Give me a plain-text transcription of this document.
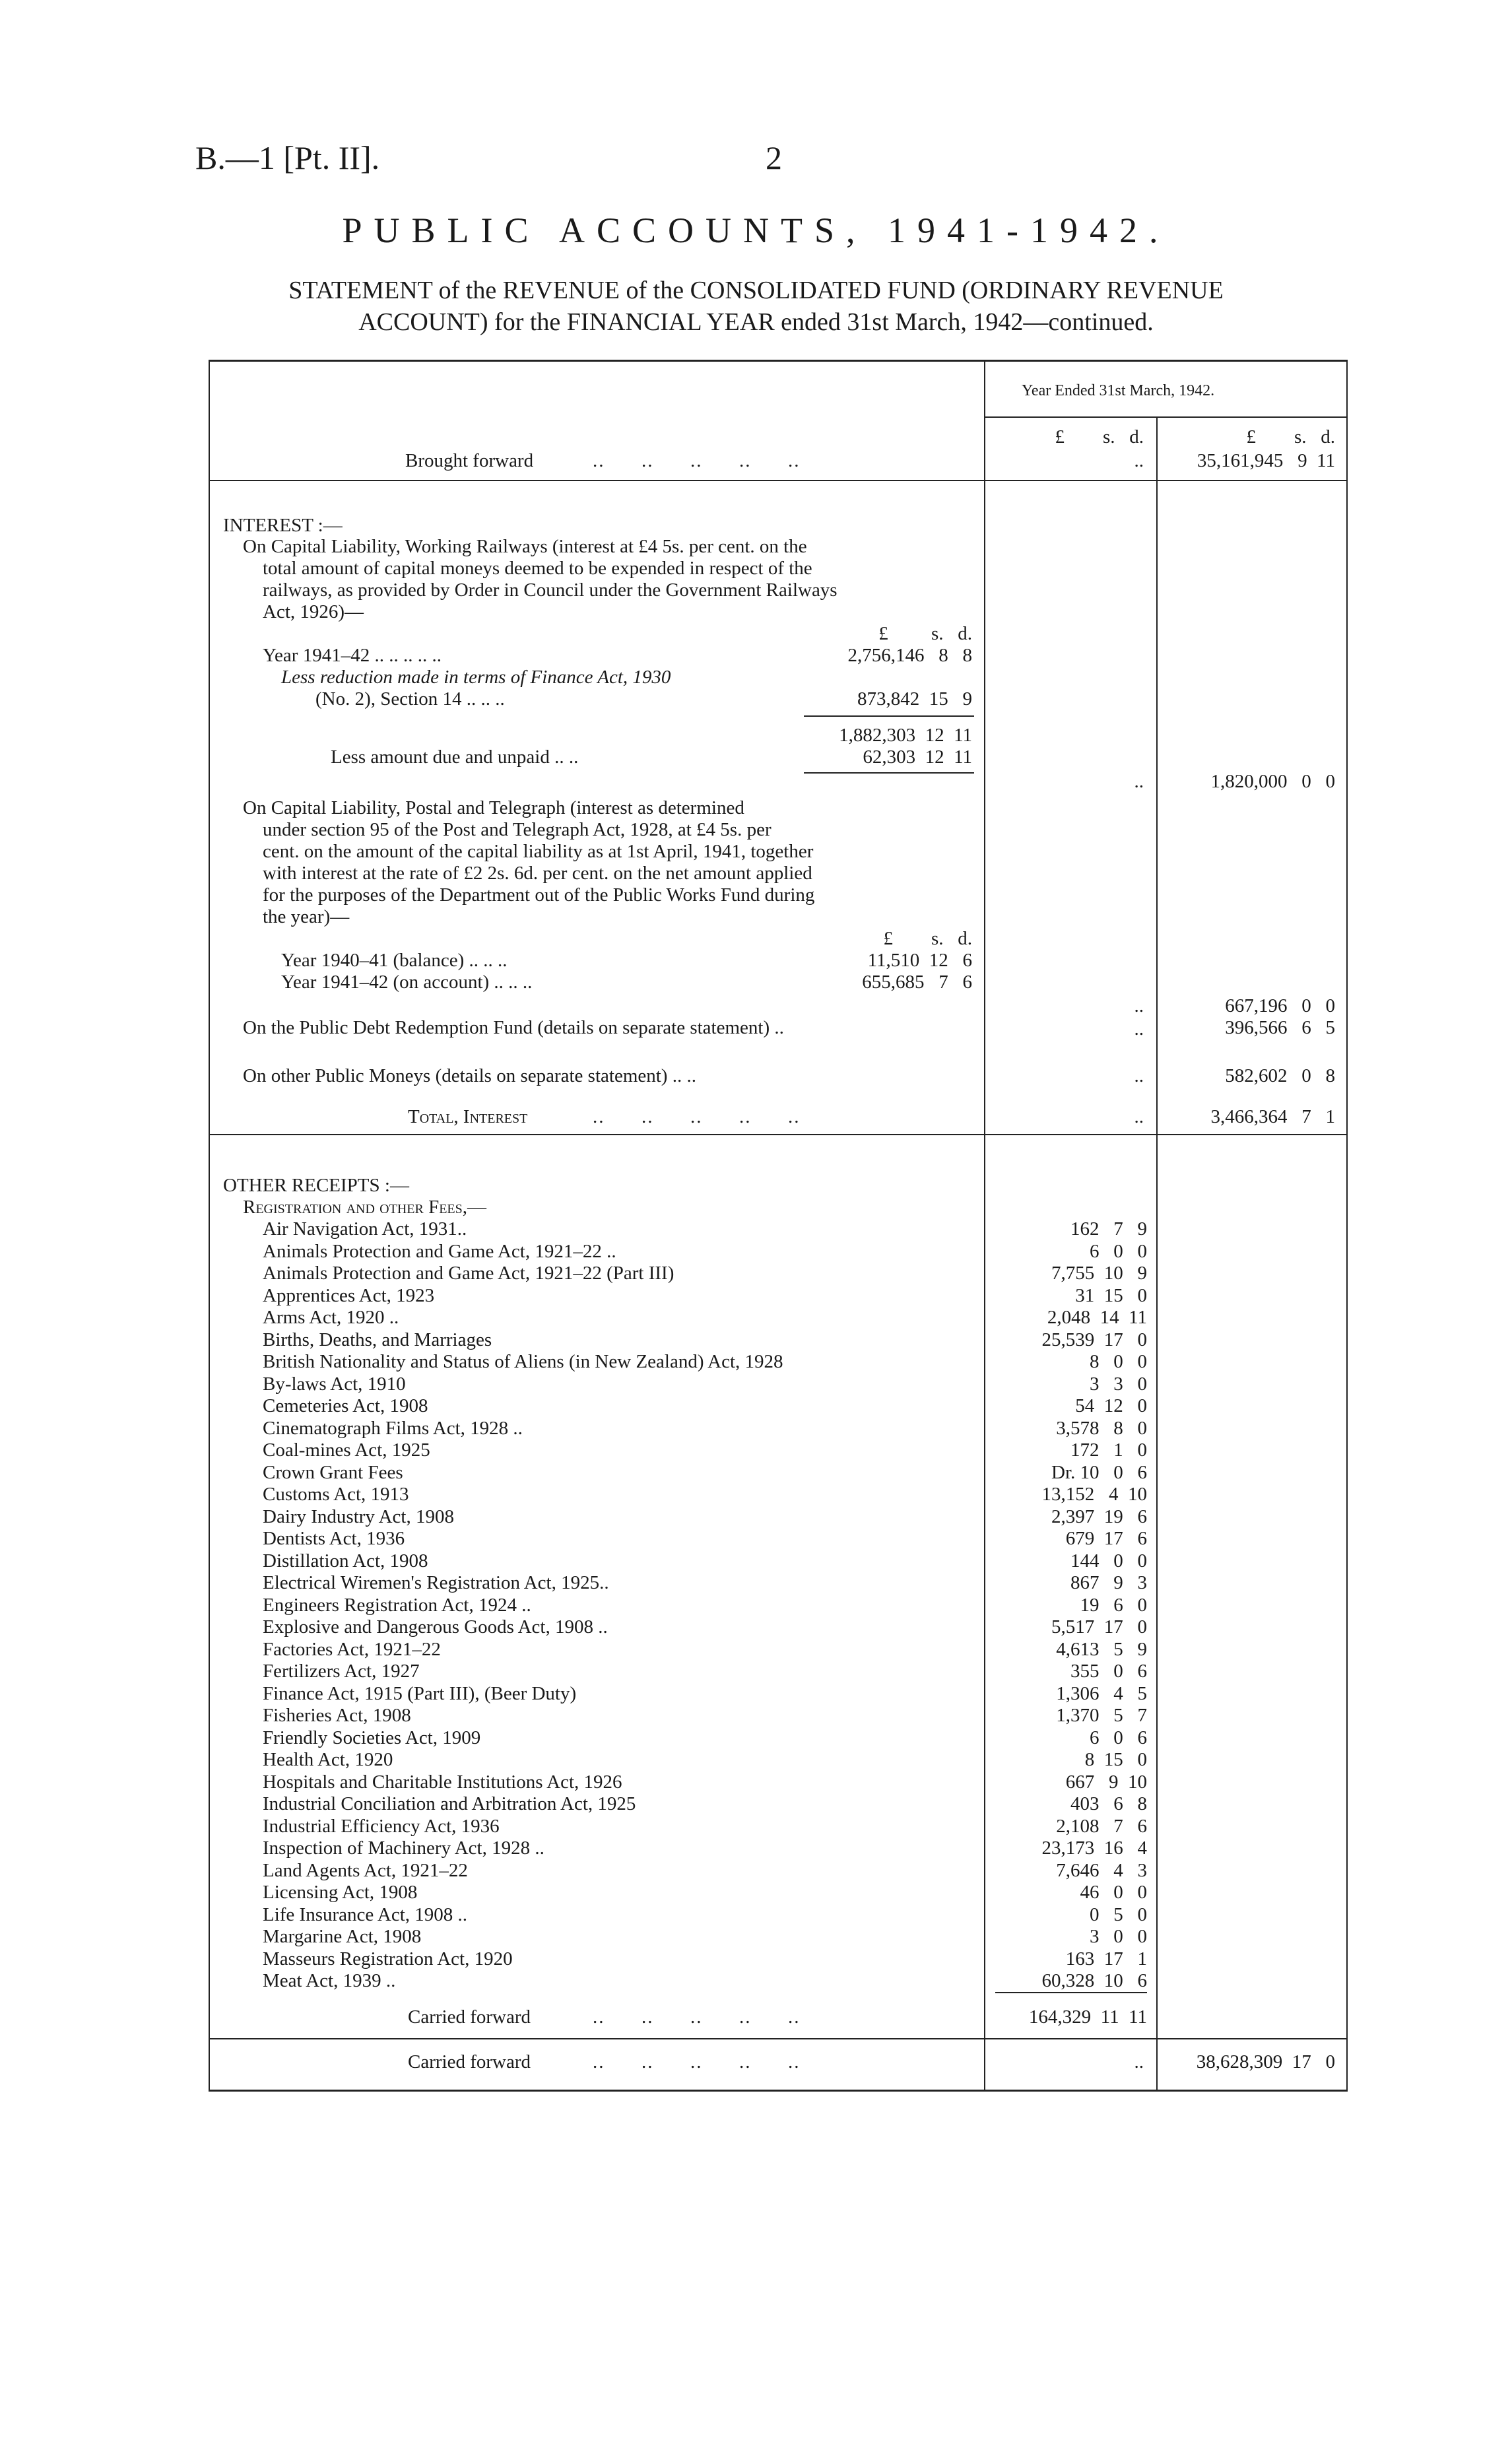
B.—1 [Pt. II].	2
PUBLIC ACCOUNTS, 1941-1942.
STATEMENT of the REVENUE of the CONSOLIDATED FUND (ORDINARY REVENUE
ACCOUNT) for the FINANCIAL YEAR ended 31st March, 1942—continued.
Year Ended 31st March, 1942.
£        s.   d.	£        s.   d.
Brought forward	..      ..      ..      ..      ..	..	35,161,945   9  11
INTEREST :—
On Capital Liability, Working Railways (interest at £4 5s. per cent. on the
total amount of capital moneys deemed to be expended in respect of the
railways, as provided by Order in Council under the Government Railways
Act, 1926)—
£         s.   d.
Year 1941–42 .. .. .. .. ..	2,756,146   8   8
Less reduction made in terms of Finance Act, 1930
(No. 2), Section 14 .. .. ..	873,842  15   9
1,882,303  12  11
Less amount due and unpaid .. ..	62,303  12  11
..	1,820,000   0   0
On Capital Liability, Postal and Telegraph (interest as determined
under section 95 of the Post and Telegraph Act, 1928, at £4 5s. per
cent. on the amount of the capital liability as at 1st April, 1941, together
with interest at the rate of £2 2s. 6d. per cent. on the net amount applied
for the purposes of the Department out of the Public Works Fund during
the year)—
£        s.   d.
Year 1940–41 (balance) .. .. ..	11,510  12   6
Year 1941–42 (on account) .. .. ..	655,685   7   6
..	667,196   0   0
On the Public Debt Redemption Fund (details on separate statement) ..	..	396,566   6   5
On other Public Moneys (details on separate statement) .. ..	..	582,602   0   8
Total, Interest	..      ..      ..      ..      ..	..	3,466,364   7   1
OTHER RECEIPTS :—
Registration and other Fees,—
Air Navigation Act, 1931..	162   7   9
Animals Protection and Game Act, 1921–22 ..	6   0   0
Animals Protection and Game Act, 1921–22 (Part III)	7,755  10   9
Apprentices Act, 1923	31  15   0
Arms Act, 1920 ..	2,048  14  11
Births, Deaths, and Marriages	25,539  17   0
British Nationality and Status of Aliens (in New Zealand) Act, 1928	8   0   0
By-laws Act, 1910	3   3   0
Cemeteries Act, 1908	54  12   0
Cinematograph Films Act, 1928 ..	3,578   8   0
Coal-mines Act, 1925	172   1   0
Crown Grant Fees	Dr. 10   0   6
Customs Act, 1913	13,152   4  10
Dairy Industry Act, 1908	2,397  19   6
Dentists Act, 1936	679  17   6
Distillation Act, 1908	144   0   0
Electrical Wiremen's Registration Act, 1925..	867   9   3
Engineers Registration Act, 1924 ..	19   6   0
Explosive and Dangerous Goods Act, 1908 ..	5,517  17   0
Factories Act, 1921–22	4,613   5   9
Fertilizers Act, 1927	355   0   6
Finance Act, 1915 (Part III), (Beer Duty)	1,306   4   5
Fisheries Act, 1908	1,370   5   7
Friendly Societies Act, 1909	6   0   6
Health Act, 1920	8  15   0
Hospitals and Charitable Institutions Act, 1926	667   9  10
Industrial Conciliation and Arbitration Act, 1925	403   6   8
Industrial Efficiency Act, 1936	2,108   7   6
Inspection of Machinery Act, 1928 ..	23,173  16   4
Land Agents Act, 1921–22	7,646   4   3
Licensing Act, 1908	46   0   0
Life Insurance Act, 1908 ..	0   5   0
Margarine Act, 1908	3   0   0
Masseurs Registration Act, 1920	163  17   1
Meat Act, 1939 ..	60,328  10   6
Carried forward	..      ..      ..      ..      ..	164,329  11  11
Carried forward	..      ..      ..      ..      ..	..	38,628,309  17   0
